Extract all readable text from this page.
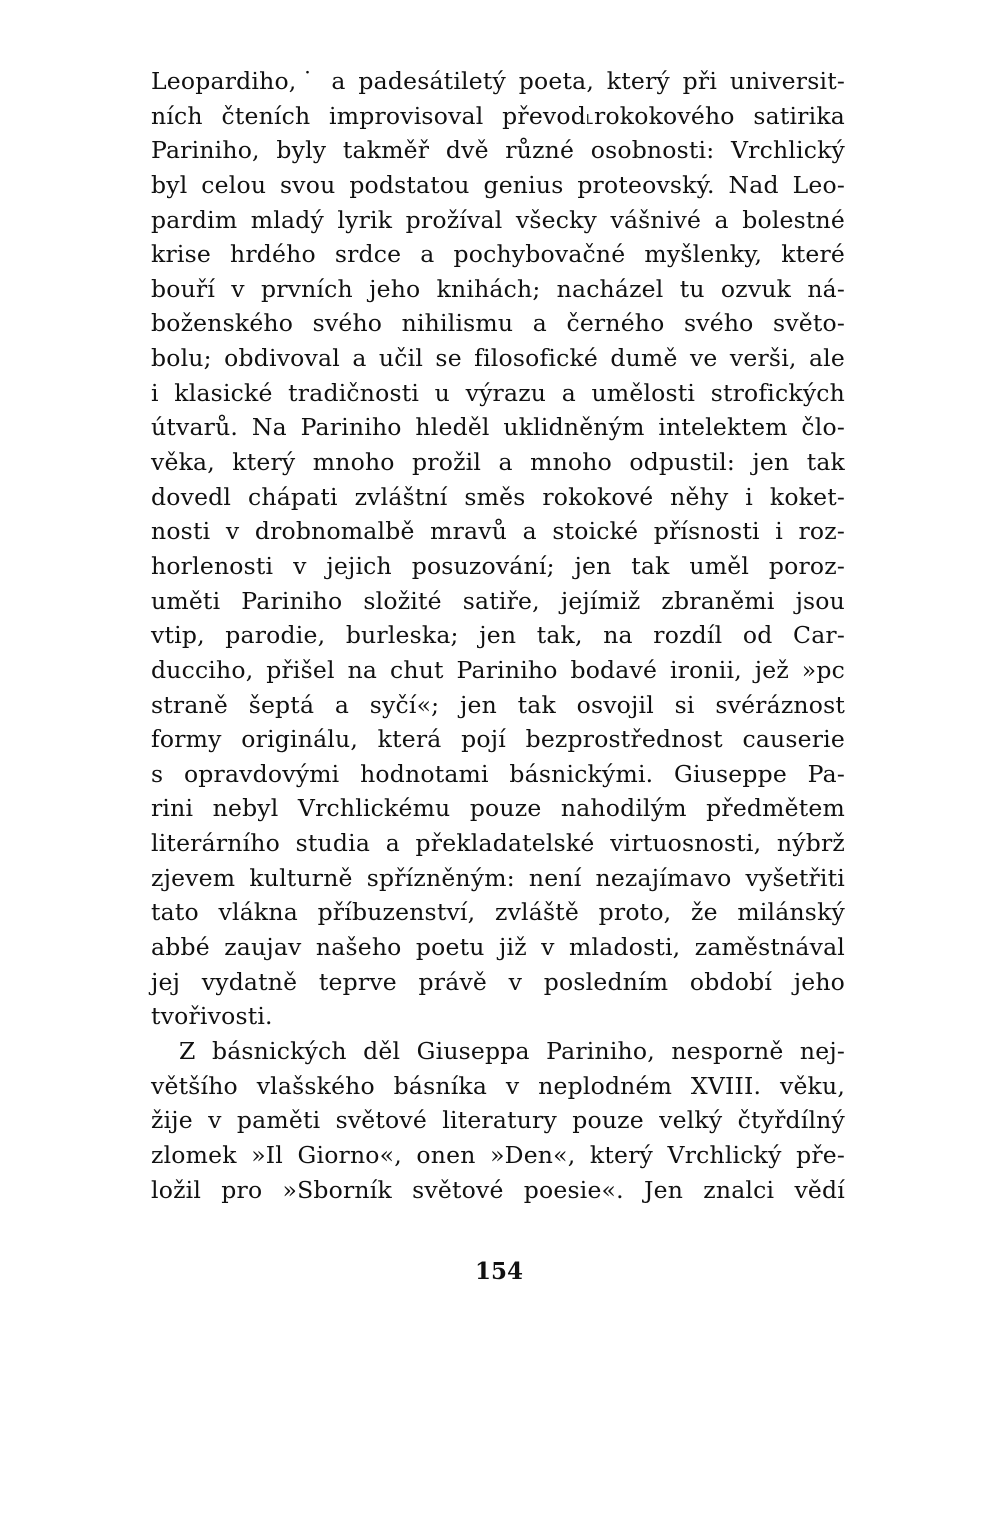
Leopardiho,˙ a padesátiletý poeta, který při universit-
ních čteních improvisoval převod˪rokokového satirika
Pariniho, byly takměř dvě různé osobnosti: Vrchlický
byl celou svou podstatou genius proteovský. Nad Leo-
pardim mladý lyrik prožíval všecky vášnivé a bolestné
krise hrdého srdce a pochybovačné myšlenky, které
bouří v prvních jeho knihách; nacházel tu ozvuk ná-
boženského svého nihilismu a černého svého světo-
bolu; obdivoval a učil se filosofické dumě ve verši, ale
i klasické tradičnosti u výrazu a umělosti strofických
útvarů. Na Pariniho hleděl uklidněným intelektem člo-
věka, který mnoho prožil a mnoho odpustil: jen tak
dovedl chápati zvláštní směs rokokové něhy i koket-
nosti v drobnomalbě mravů a stoické přísnosti i roz-
horlenosti v jejich posuzování; jen tak uměl poroz-
uměti Pariniho složité satiře, jejímiž zbraněmi jsou
vtip, parodie, burleska; jen tak, na rozdíl od Car-
ducciho, přišel na chut Pariniho bodavé ironii, jež »pc
straně šeptá a syčí«; jen tak osvojil si svéráznost
formy originálu, která pojí bezprostřednost causerie
s opravdovými hodnotami básnickými. Giuseppe Pa-
rini nebyl Vrchlickému pouze nahodilým předmětem
literárního studia a překladatelské virtuosnosti, nýbrž
zjevem kulturně spřízněným: není nezajímavo vyšetřiti
tato vlákna příbuzenství, zvláště proto, že milánský
abbé zaujav našeho poetu již v mladosti, zaměstnával
jej vydatně teprve právě v posledním období jeho
tvořivosti.
Z básnických děl Giuseppa Pariniho, nesporně nej-
většího vlašského básníka v neplodném XVIII. věku,
žije v paměti světové literatury pouze velký čtyřdílný
zlomek »Il Giorno«, onen »Den«, který Vrchlický pře-
ložil pro »Sborník světové poesie«. Jen znalci vědí
154
